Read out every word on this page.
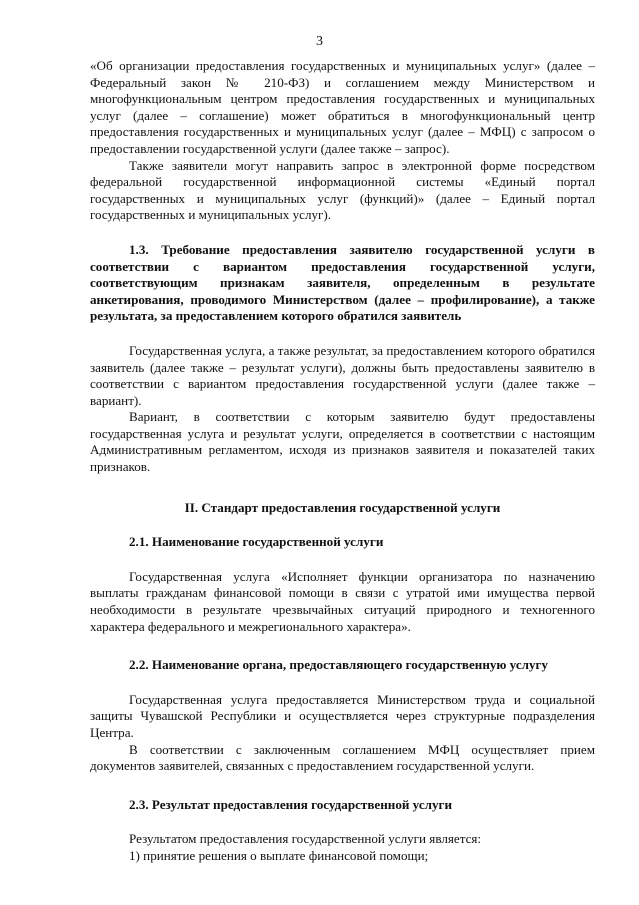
3

«Об организации предоставления государственных и муниципальных услуг» (далее – Федеральный закон № 210-ФЗ) и соглашением между Министерством и многофункциональным центром предоставления государственных и муниципальных услуг (далее – соглашение) может обратиться в многофункциональный центр предоставления государственных и муниципальных услуг (далее – МФЦ) с запросом о предоставлении государственной услуги (далее также – запрос).

Также заявители могут направить запрос в электронной форме посредством федеральной государственной информационной системы «Единый портал государственных и муниципальных услуг (функций)» (далее – Единый портал государственных и муниципальных услуг).

1.3. Требование предоставления заявителю государственной услуги в соответствии с вариантом предоставления государственной услуги, соответствующим признакам заявителя, определенным в результате анкетирования, проводимого Министерством (далее – профилирование), а также результата, за предоставлением которого обратился заявитель

Государственная услуга, а также результат, за предоставлением которого обратился заявитель (далее также – результат услуги), должны быть предоставлены заявителю в соответствии с вариантом предоставления государственной услуги (далее также – вариант).

Вариант, в соответствии с которым заявителю будут предоставлены государственная услуга и результат услуги, определяется в соответствии с настоящим Административным регламентом, исходя из признаков заявителя и показателей таких признаков.

II. Стандарт предоставления государственной услуги

2.1. Наименование государственной услуги

Государственная услуга «Исполняет функции организатора по назначению выплаты гражданам финансовой помощи в связи с утратой ими имущества первой необходимости в результате чрезвычайных ситуаций природного и техногенного характера федерального и межрегионального характера».

2.2. Наименование органа, предоставляющего государственную услугу

Государственная услуга предоставляется Министерством труда и социальной защиты Чувашской Республики и осуществляется через структурные подразделения Центра.

В соответствии с заключенным соглашением МФЦ осуществляет прием документов заявителей, связанных с предоставлением государственной услуги.

2.3. Результат предоставления государственной услуги

Результатом предоставления государственной услуги является:

1) принятие решения о выплате финансовой помощи;
